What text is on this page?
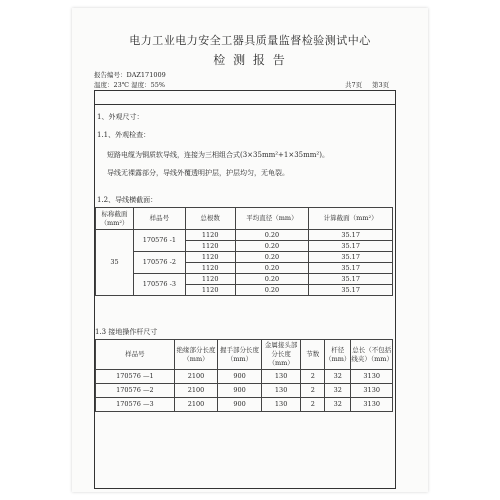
电力工业电力安全工器具质量监督检验测试中心
检 测 报 告
报告编号：DAZ171009
温度：23℃ 湿度：55%	共7页 第3页
1、外观尺寸：
1.1、外观检查：
短路电缆为铜质软导线，连接为三相组合式(3×35mm²+1×35mm²)。
导线无裸露部分，导线外覆透明护层，护层均匀，无龟裂。
1.2、导线横截面：
标称截面（mm²）	样品号	总根数	平均直径（mm）	计算截面（mm²）
35	170576 -1	1120	0.20	35.17
		1120	0.20	35.17
	170576 -2	1120	0.20	35.17
		1120	0.20	35.17
	170576 -3	1120	0.20	35.17
		1120	0.20	35.17
1.3 接地操作杆尺寸
样品号	绝缘部分长度（mm）	握手部分长度（mm）	金属接头部分长度（mm）	节数	杆径（mm）	总长（不包括线夹）（mm）
170576 —1	2100	900	130	2	32	3130
170576 —2	2100	900	130	2	32	3130
170576 —3	2100	900	130	2	32	3130
